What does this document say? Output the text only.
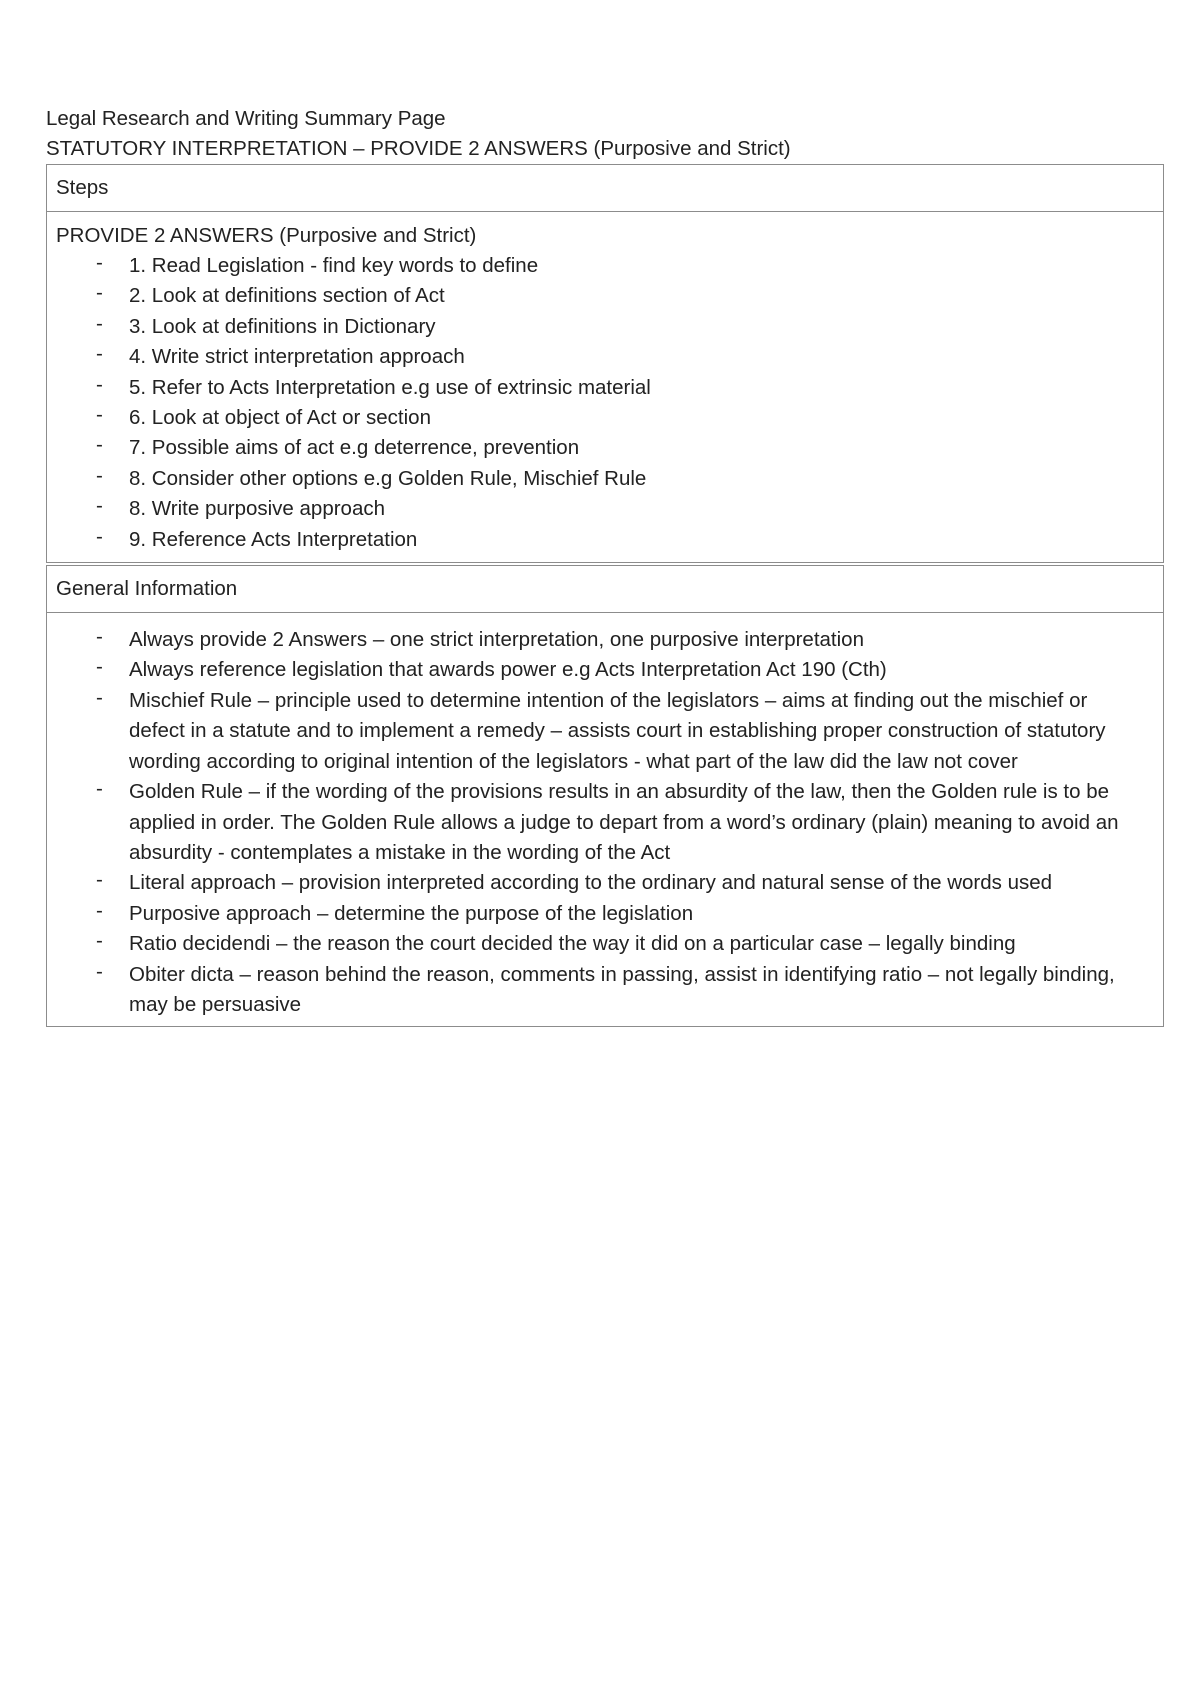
Legal Research and Writing Summary Page

STATUTORY INTERPRETATION – PROVIDE 2 ANSWERS (Purposive and Strict)

Steps
PROVIDE 2 ANSWERS (Purposive and Strict)
- 1. Read Legislation - find key words to define
- 2. Look at definitions section of Act
- 3. Look at definitions in Dictionary
- 4. Write strict interpretation approach
- 5. Refer to Acts Interpretation e.g use of extrinsic material
- 6. Look at object of Act or section
- 7. Possible aims of act e.g deterrence, prevention
- 8. Consider other options e.g Golden Rule, Mischief Rule
- 8. Write purposive approach
- 9. Reference Acts Interpretation
General Information
- Always provide 2 Answers – one strict interpretation, one purposive interpretation
- Always reference legislation that awards power e.g Acts Interpretation Act 190 (Cth)
- Mischief Rule – principle used to determine intention of the legislators – aims at finding out the mischief or defect in a statute and to implement a remedy – assists court in establishing proper construction of statutory wording according to original intention of the legislators - what part of the law did the law not cover
- Golden Rule – if the wording of the provisions results in an absurdity of the law, then the Golden rule is to be applied in order. The Golden Rule allows a judge to depart from a word’s ordinary (plain) meaning to avoid an absurdity - contemplates a mistake in the wording of the Act
- Literal approach – provision interpreted according to the ordinary and natural sense of the words used
- Purposive approach – determine the purpose of the legislation
- Ratio decidendi – the reason the court decided the way it did on a particular case – legally binding
- Obiter dicta – reason behind the reason, comments in passing, assist in identifying ratio – not legally binding, may be persuasive
